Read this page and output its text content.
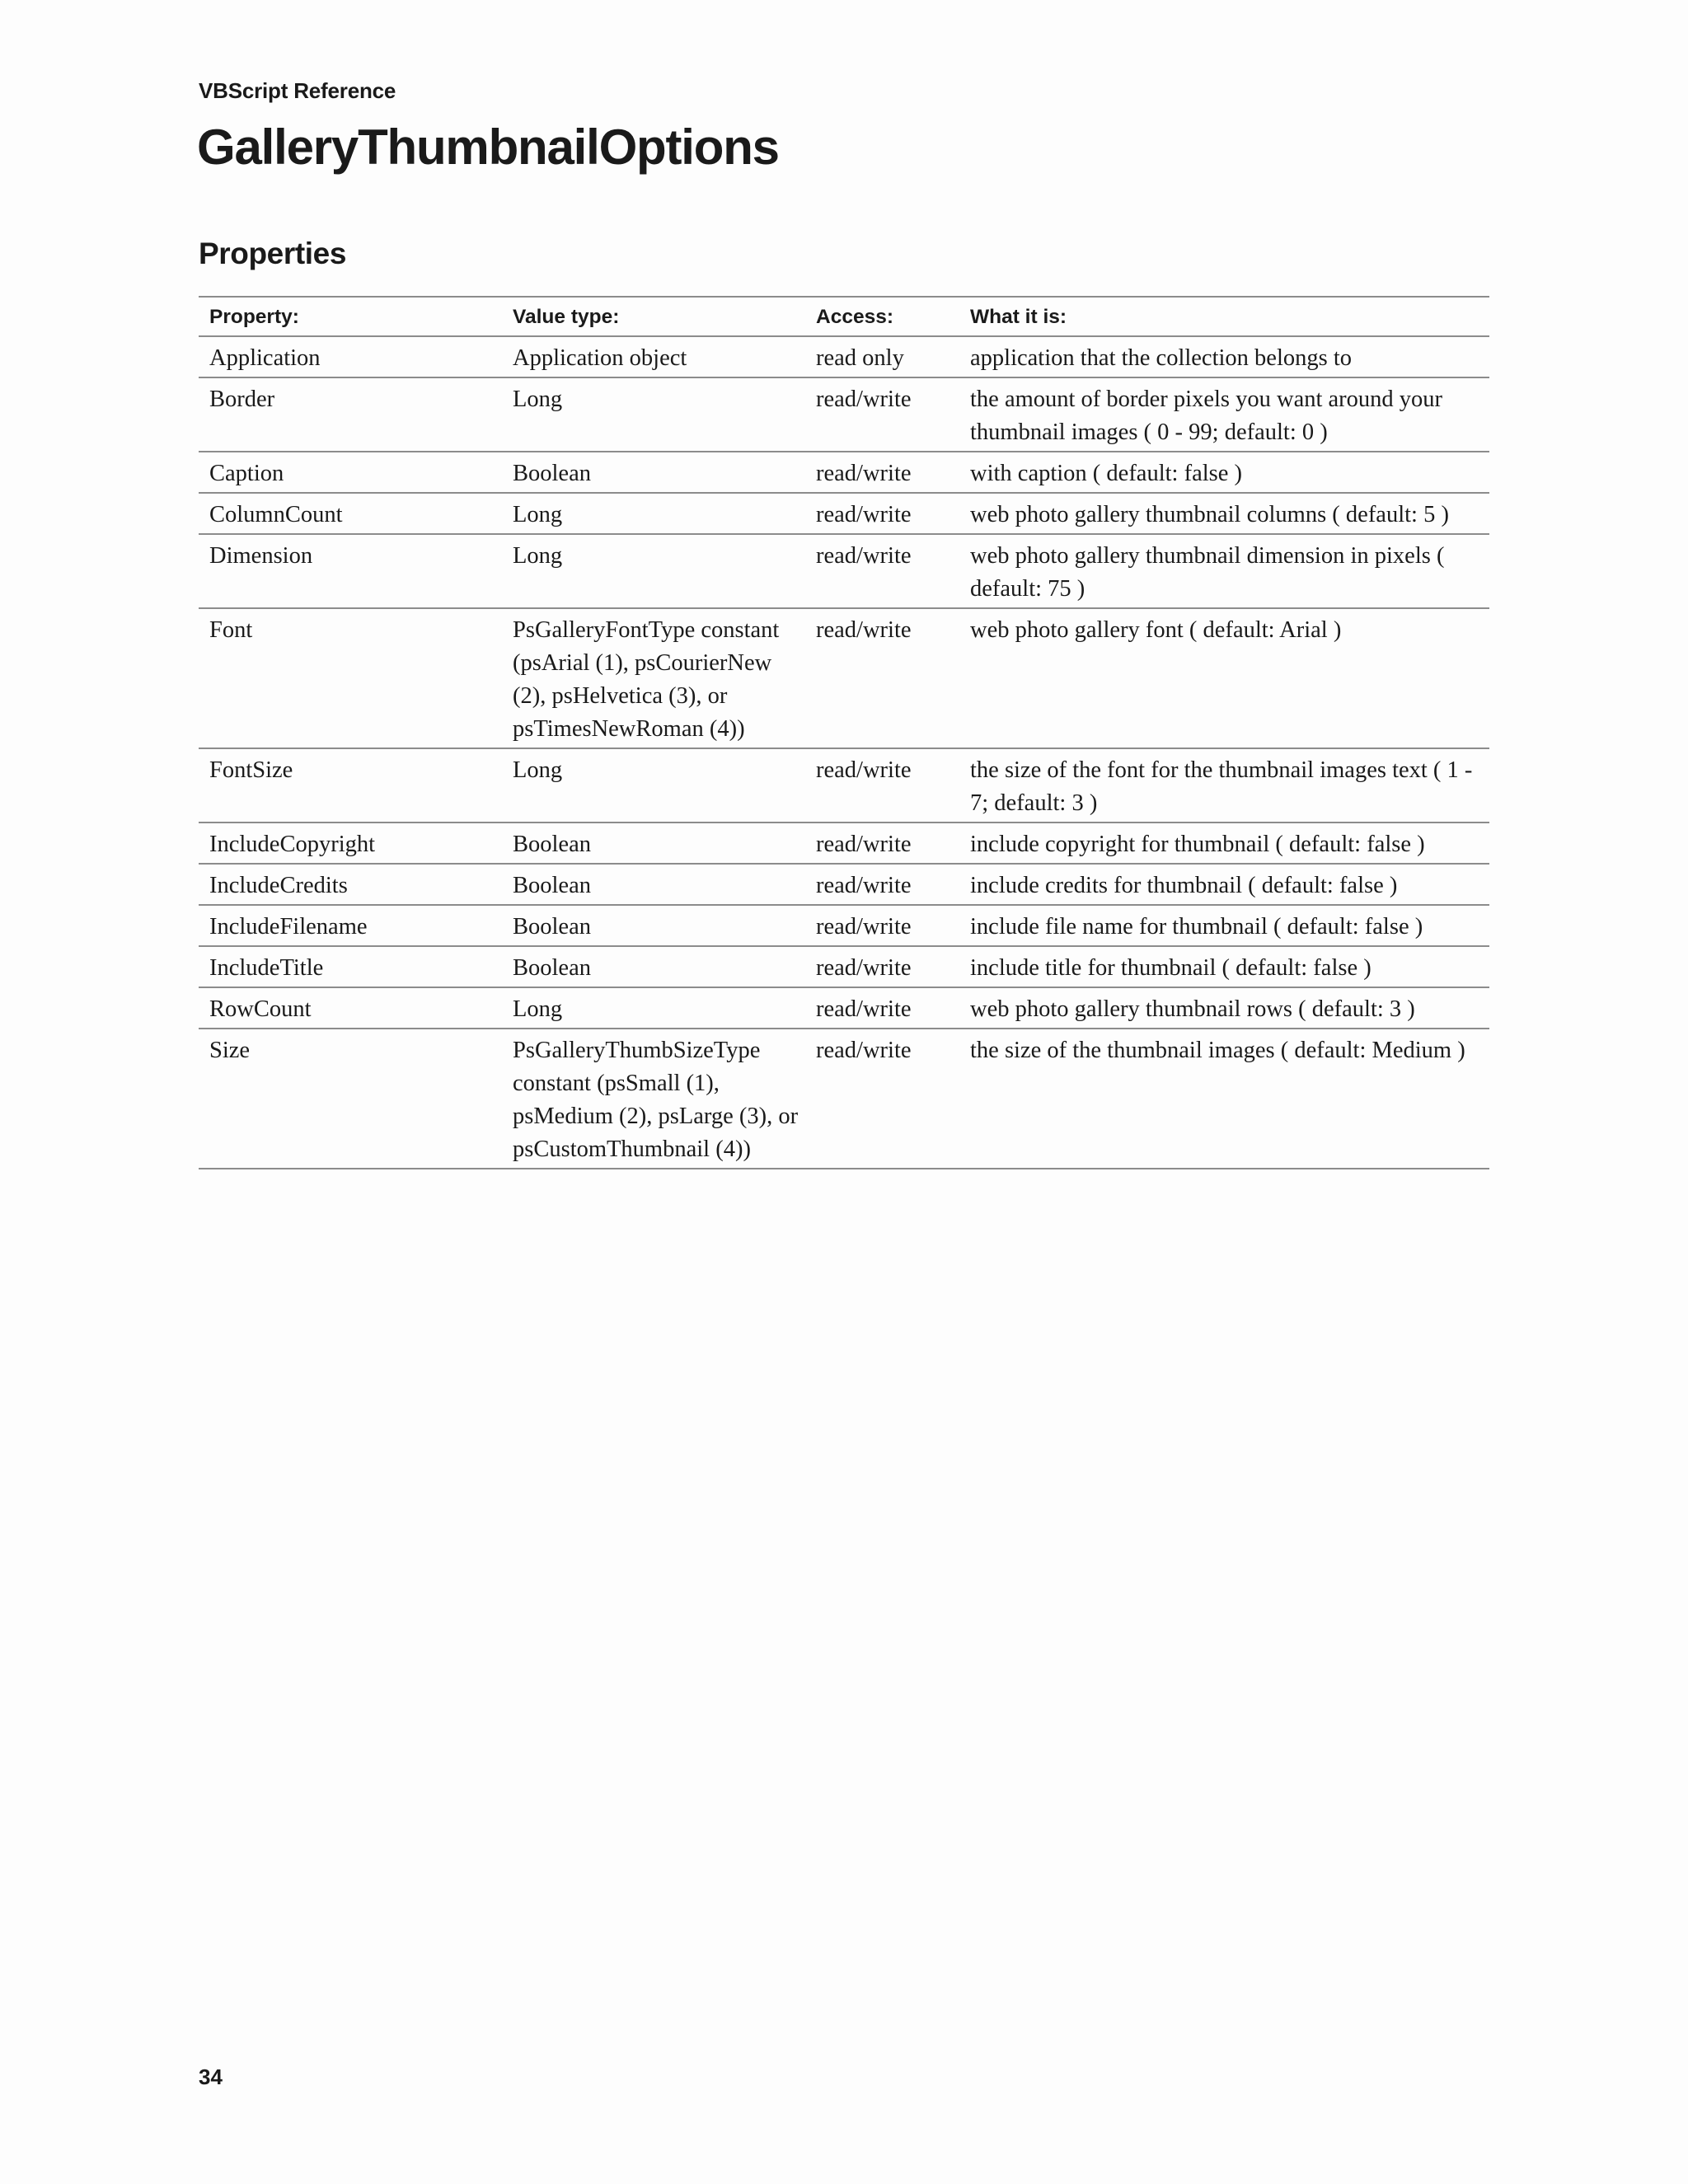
VBScript Reference
GalleryThumbnailOptions
Properties
Property:	Value type:	Access:	What it is:
Application	Application object	read only	application that the collection belongs to
Border	Long	read/write	the amount of border pixels you want around your thumbnail images ( 0 - 99; default: 0 )
Caption	Boolean	read/write	with caption ( default: false )
ColumnCount	Long	read/write	web photo gallery thumbnail columns ( default: 5 )
Dimension	Long	read/write	web photo gallery thumbnail dimension in pixels ( default: 75 )
Font	PsGalleryFontType constant (psArial (1), psCourierNew (2), psHelvetica (3), or psTimesNewRoman (4))	read/write	web photo gallery font ( default: Arial )
FontSize	Long	read/write	the size of the font for the thumbnail images text ( 1 - 7; default: 3 )
IncludeCopyright	Boolean	read/write	include copyright for thumbnail ( default: false )
IncludeCredits	Boolean	read/write	include credits for thumbnail ( default: false )
IncludeFilename	Boolean	read/write	include file name for thumbnail ( default: false )
IncludeTitle	Boolean	read/write	include title for thumbnail ( default: false )
RowCount	Long	read/write	web photo gallery thumbnail rows ( default: 3 )
Size	PsGalleryThumbSizeType constant (psSmall (1), psMedium (2), psLarge (3), or psCustomThumbnail (4))	read/write	the size of the thumbnail images ( default: Medium )
34
